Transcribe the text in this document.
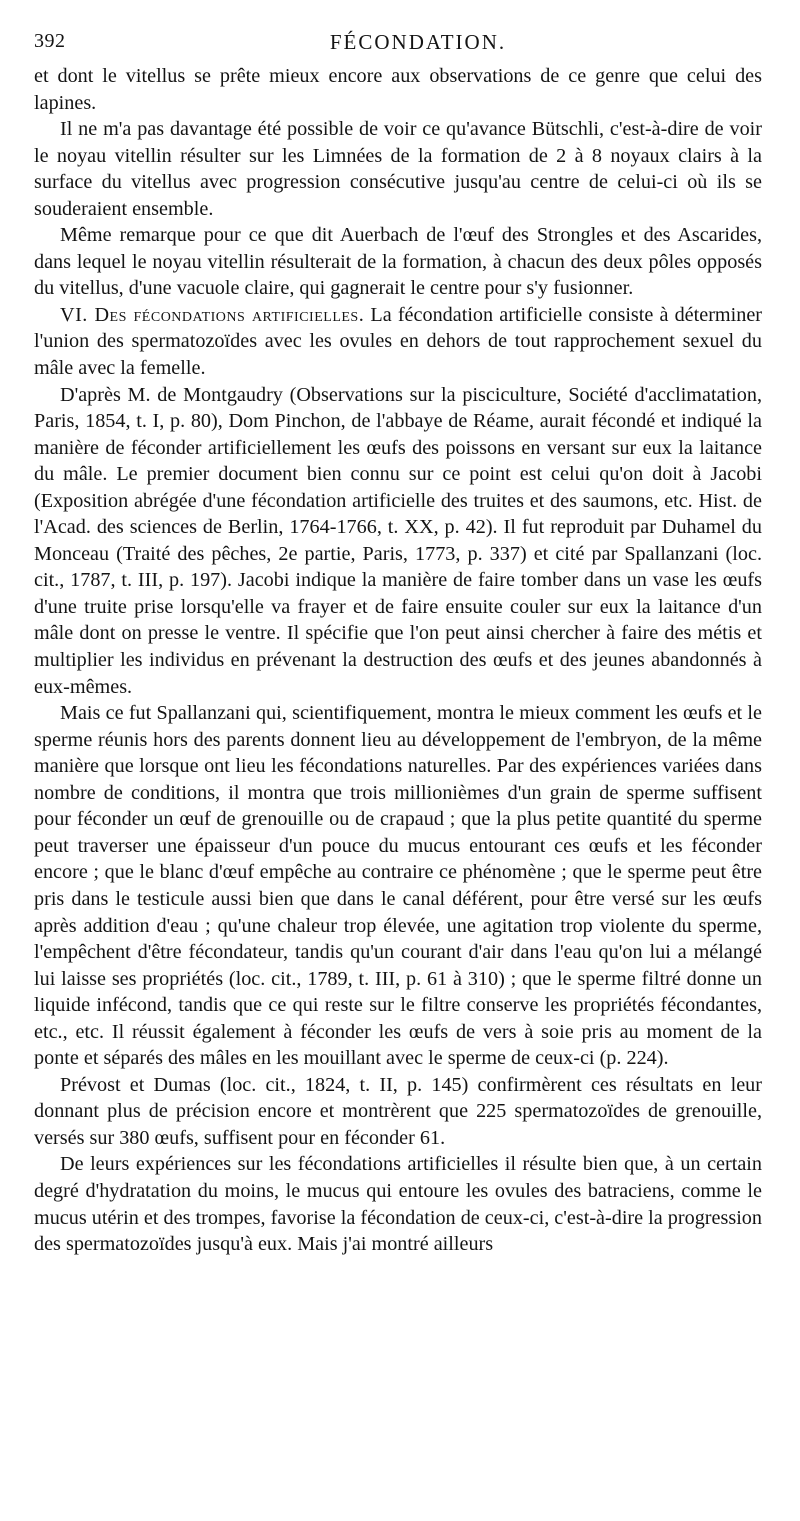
392	FÉCONDATION.

et dont le vitellus se prête mieux encore aux observations de ce genre que celui des lapines.

Il ne m'a pas davantage été possible de voir ce qu'avance Bütschli, c'est-à-dire de voir le noyau vitellin résulter sur les Limnées de la formation de 2 à 8 noyaux clairs à la surface du vitellus avec progression consécutive jusqu'au centre de celui-ci où ils se souderaient ensemble.

Même remarque pour ce que dit Auerbach de l'œuf des Strongles et des Ascarides, dans lequel le noyau vitellin résulterait de la formation, à chacun des deux pôles opposés du vitellus, d'une vacuole claire, qui gagnerait le centre pour s'y fusionner.

VI. Des fécondations artificielles. La fécondation artificielle consiste à déterminer l'union des spermatozoïdes avec les ovules en dehors de tout rapprochement sexuel du mâle avec la femelle.

D'après M. de Montgaudry (Observations sur la pisciculture, Société d'acclimatation, Paris, 1854, t. I, p. 80), Dom Pinchon, de l'abbaye de Réame, aurait fécondé et indiqué la manière de féconder artificiellement les œufs des poissons en versant sur eux la laitance du mâle. Le premier document bien connu sur ce point est celui qu'on doit à Jacobi (Exposition abrégée d'une fécondation artificielle des truites et des saumons, etc. Hist. de l'Acad. des sciences de Berlin, 1764-1766, t. XX, p. 42). Il fut reproduit par Duhamel du Monceau (Traité des pêches, 2e partie, Paris, 1773, p. 337) et cité par Spallanzani (loc. cit., 1787, t. III, p. 197). Jacobi indique la manière de faire tomber dans un vase les œufs d'une truite prise lorsqu'elle va frayer et de faire ensuite couler sur eux la laitance d'un mâle dont on presse le ventre. Il spécifie que l'on peut ainsi chercher à faire des métis et multiplier les individus en prévenant la destruction des œufs et des jeunes abandonnés à eux-mêmes.

Mais ce fut Spallanzani qui, scientifiquement, montra le mieux comment les œufs et le sperme réunis hors des parents donnent lieu au développement de l'embryon, de la même manière que lorsque ont lieu les fécondations naturelles. Par des expériences variées dans nombre de conditions, il montra que trois millionièmes d'un grain de sperme suffisent pour féconder un œuf de grenouille ou de crapaud ; que la plus petite quantité du sperme peut traverser une épaisseur d'un pouce du mucus entourant ces œufs et les féconder encore ; que le blanc d'œuf empêche au contraire ce phénomène ; que le sperme peut être pris dans le testicule aussi bien que dans le canal déférent, pour être versé sur les œufs après addition d'eau ; qu'une chaleur trop élevée, une agitation trop violente du sperme, l'empêchent d'être fécondateur, tandis qu'un courant d'air dans l'eau qu'on lui a mélangé lui laisse ses propriétés (loc. cit., 1789, t. III, p. 61 à 310) ; que le sperme filtré donne un liquide infécond, tandis que ce qui reste sur le filtre conserve les propriétés fécondantes, etc., etc. Il réussit également à féconder les œufs de vers à soie pris au moment de la ponte et séparés des mâles en les mouillant avec le sperme de ceux-ci (p. 224).

Prévost et Dumas (loc. cit., 1824, t. II, p. 145) confirmèrent ces résultats en leur donnant plus de précision encore et montrèrent que 225 spermatozoïdes de grenouille, versés sur 380 œufs, suffisent pour en féconder 61.

De leurs expériences sur les fécondations artificielles il résulte bien que, à un certain degré d'hydratation du moins, le mucus qui entoure les ovules des batraciens, comme le mucus utérin et des trompes, favorise la fécondation de ceux-ci, c'est-à-dire la progression des spermatozoïdes jusqu'à eux. Mais j'ai montré ailleurs
